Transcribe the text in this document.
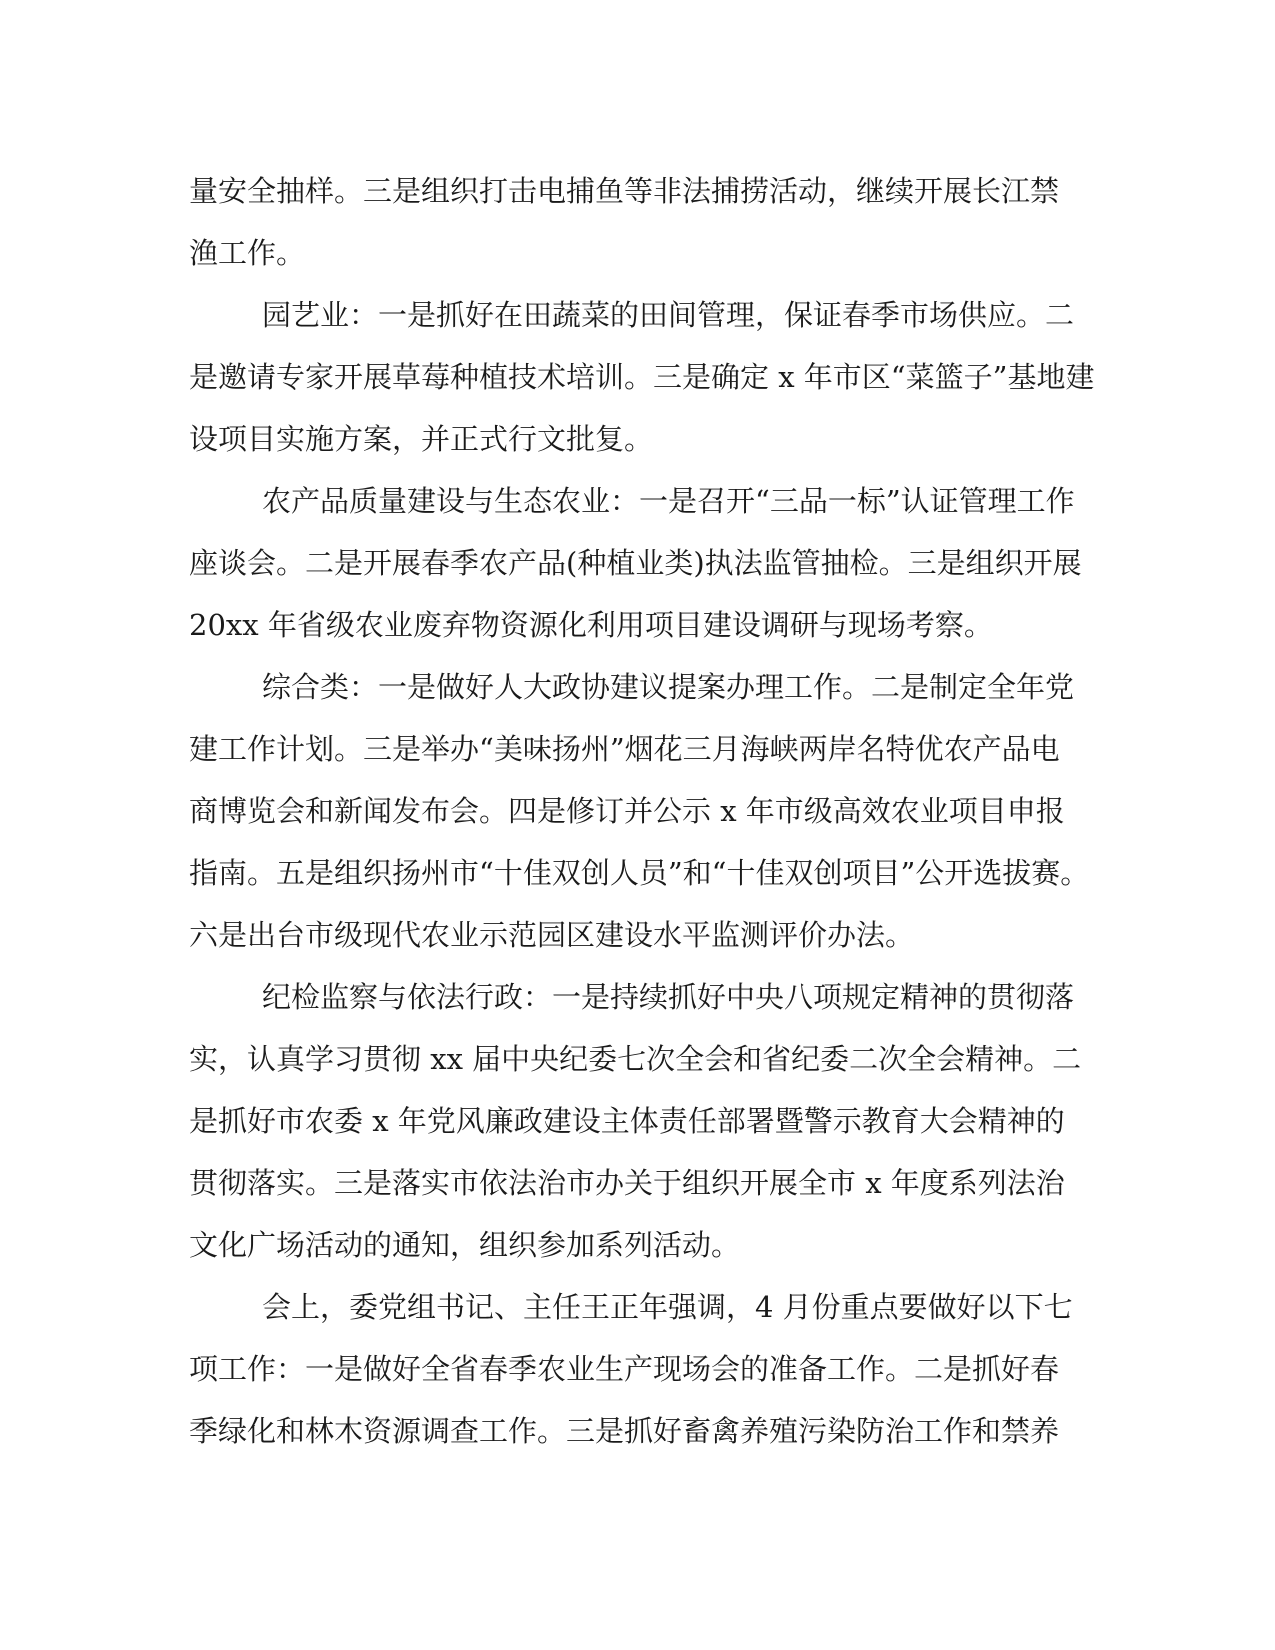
量安全抽样。三是组织打击电捕鱼等非法捕捞活动，继续开展长江禁
渔工作。
园艺业：一是抓好在田蔬菜的田间管理，保证春季市场供应。二
是邀请专家开展草莓种植技术培训。三是确定 x 年市区“菜篮子”基地建
设项目实施方案，并正式行文批复。
农产品质量建设与生态农业：一是召开“三品一标”认证管理工作
座谈会。二是开展春季农产品(种植业类)执法监管抽检。三是组织开展
20xx 年省级农业废弃物资源化利用项目建设调研与现场考察。
综合类：一是做好人大政协建议提案办理工作。二是制定全年党
建工作计划。三是举办“美味扬州”烟花三月海峡两岸名特优农产品电
商博览会和新闻发布会。四是修订并公示 x 年市级高效农业项目申报
指南。五是组织扬州市“十佳双创人员”和“十佳双创项目”公开选拔赛。
六是出台市级现代农业示范园区建设水平监测评价办法。
纪检监察与依法行政：一是持续抓好中央八项规定精神的贯彻落
实，认真学习贯彻 xx 届中央纪委七次全会和省纪委二次全会精神。二
是抓好市农委 x 年党风廉政建设主体责任部署暨警示教育大会精神的
贯彻落实。三是落实市依法治市办关于组织开展全市 x 年度系列法治
文化广场活动的通知，组织参加系列活动。
会上，委党组书记、主任王正年强调，4 月份重点要做好以下七
项工作：一是做好全省春季农业生产现场会的准备工作。二是抓好春
季绿化和林木资源调查工作。三是抓好畜禽养殖污染防治工作和禁养
